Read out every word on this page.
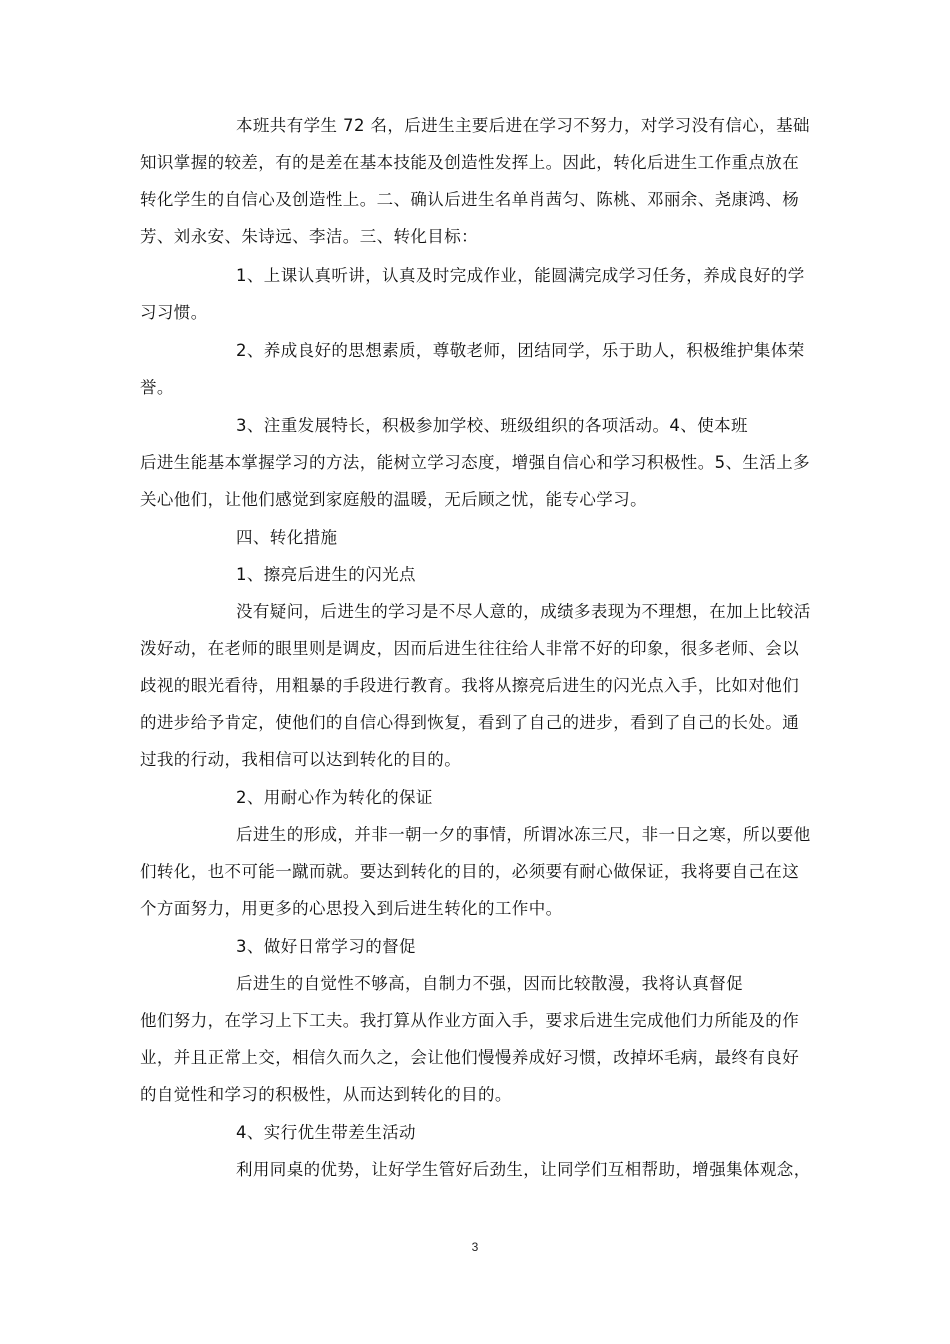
本班共有学生 72 名，后进生主要后进在学习不努力，对学习没有信心，基础
知识掌握的较差，有的是差在基本技能及创造性发挥上。因此，转化后进生工作重点放在
转化学生的自信心及创造性上。二、确认后进生名单肖茜匀、陈桃、邓丽余、尧康鸿、杨
芳、刘永安、朱诗远、李洁。三、转化目标：
1、上课认真听讲，认真及时完成作业，能圆满完成学习任务，养成良好的学
习习惯。
2、养成良好的思想素质，尊敬老师，团结同学，乐于助人，积极维护集体荣
誉。
3、注重发展特长，积极参加学校、班级组织的各项活动。4、使本班
后进生能基本掌握学习的方法，能树立学习态度，增强自信心和学习积极性。5、生活上多
关心他们，让他们感觉到家庭般的温暖，无后顾之忧，能专心学习。
四、转化措施
1、擦亮后进生的闪光点
没有疑问，后进生的学习是不尽人意的，成绩多表现为不理想，在加上比较活
泼好动，在老师的眼里则是调皮，因而后进生往往给人非常不好的印象，很多老师、会以
歧视的眼光看待，用粗暴的手段进行教育。我将从擦亮后进生的闪光点入手，比如对他们
的进步给予肯定，使他们的自信心得到恢复，看到了自己的进步，看到了自己的长处。通
过我的行动，我相信可以达到转化的目的。
2、用耐心作为转化的保证
后进生的形成，并非一朝一夕的事情，所谓冰冻三尺，非一日之寒，所以要他
们转化，也不可能一蹴而就。要达到转化的目的，必须要有耐心做保证，我将要自己在这
个方面努力，用更多的心思投入到后进生转化的工作中。
3、做好日常学习的督促
后进生的自觉性不够高，自制力不强，因而比较散漫，我将认真督促
他们努力，在学习上下工夫。我打算从作业方面入手，要求后进生完成他们力所能及的作
业，并且正常上交，相信久而久之，会让他们慢慢养成好习惯，改掉坏毛病，最终有良好
的自觉性和学习的积极性，从而达到转化的目的。
4、实行优生带差生活动
利用同桌的优势，让好学生管好后劲生，让同学们互相帮助，增强集体观念，
3
